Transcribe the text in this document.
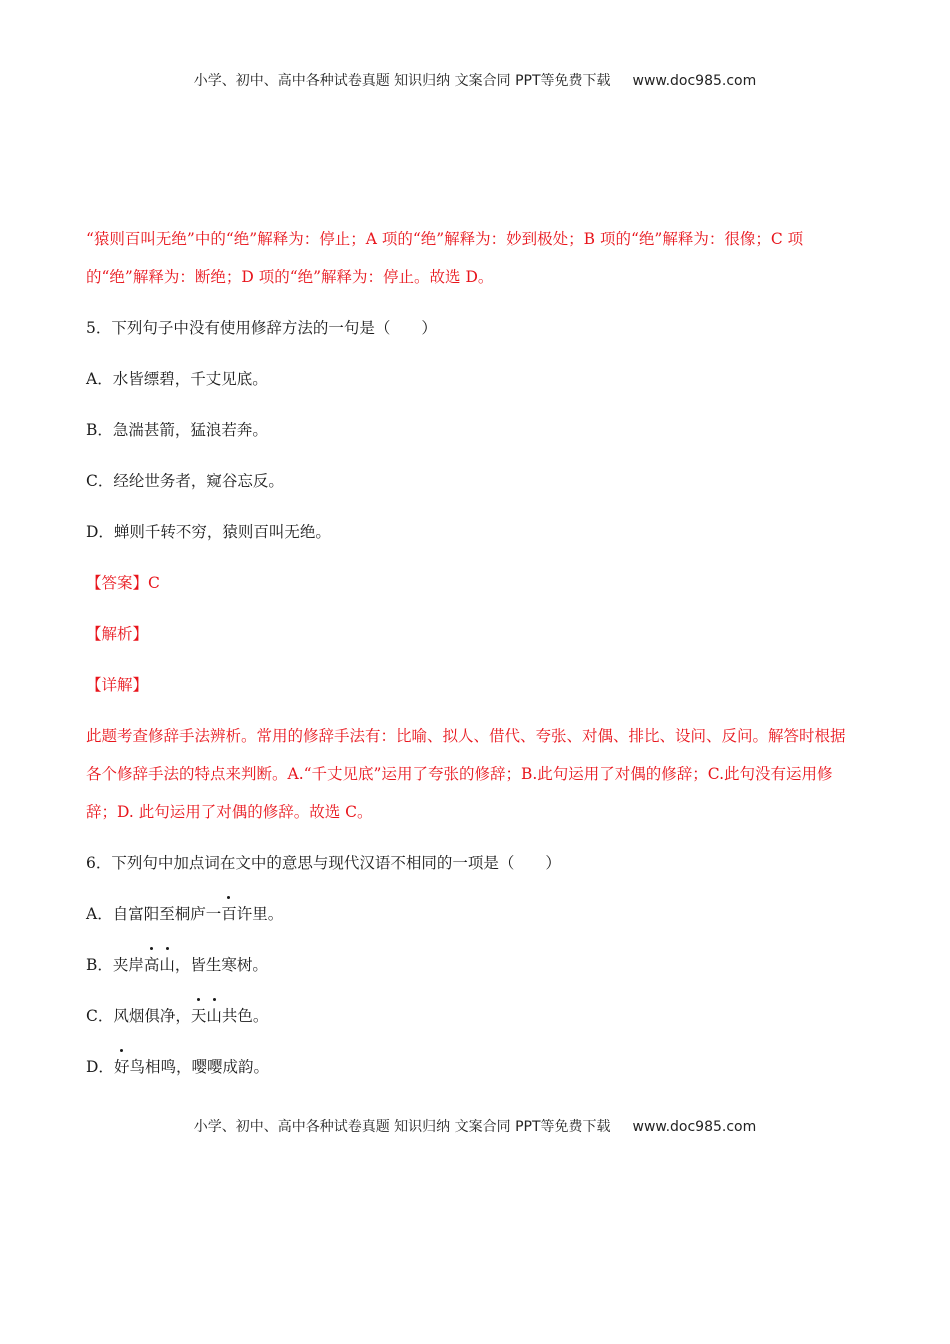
小学、初中、高中各种试卷真题 知识归纳 文案合同 PPT等免费下载 www.doc985.com

“猿则百叫无绝”中的“绝”解释为：停止；A 项的“绝”解释为：妙到极处；B 项的“绝”解释为：很像；C 项的“绝”解释为：断绝；D 项的“绝”解释为：停止。故选 D。

5．下列句子中没有使用修辞方法的一句是（　　）

A．水皆缥碧，千丈见底。

B．急湍甚箭，猛浪若奔。

C．经纶世务者，窥谷忘反。

D．蝉则千转不穷，猿则百叫无绝。

【答案】C

【解析】

【详解】

此题考查修辞手法辨析。常用的修辞手法有：比喻、拟人、借代、夸张、对偶、排比、设问、反问。解答时根据各个修辞手法的特点来判断。A.“千丈见底”运用了夸张的修辞；B.此句运用了对偶的修辞；C.此句没有运用修辞；D. 此句运用了对偶的修辞。故选 C。

6．下列句中加点词在文中的意思与现代汉语不相同的一项是（　　）

A．自富阳至桐庐一百许里。

B．夹岸高山，皆生寒树。

C．风烟俱净，天山共色。

D．好鸟相鸣，嘤嘤成韵。

小学、初中、高中各种试卷真题 知识归纳 文案合同 PPT等免费下载 www.doc985.com
